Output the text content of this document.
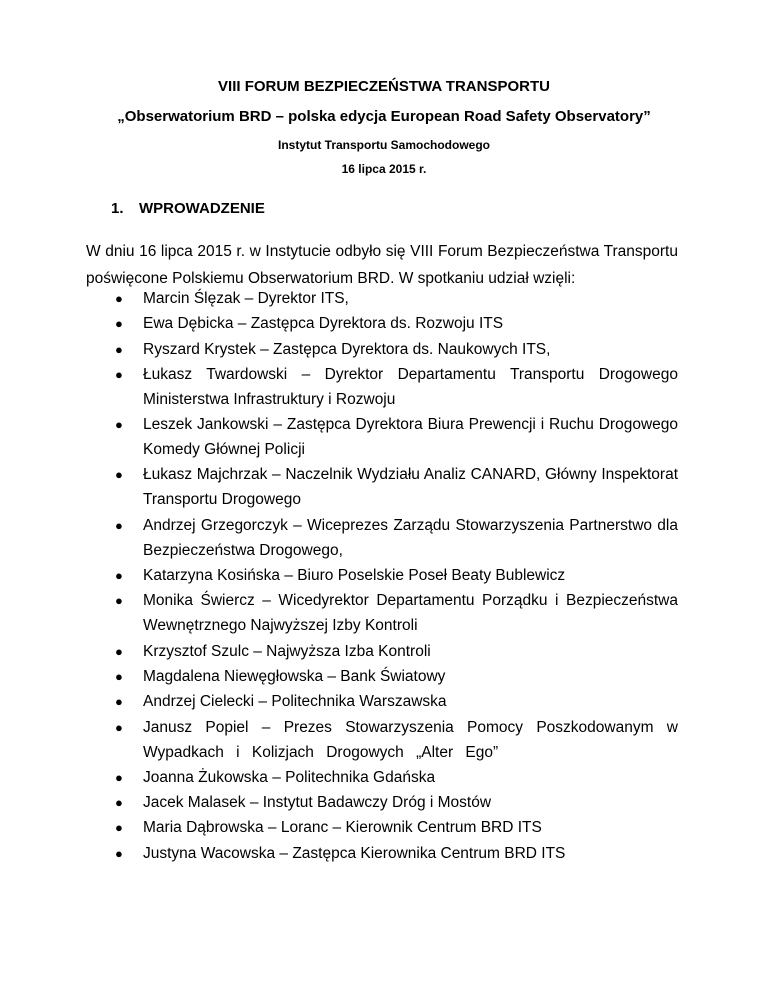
VIII FORUM BEZPIECZEŃSTWA TRANSPORTU
„Obserwatorium BRD – polska edycja European Road Safety Observatory”
Instytut Transportu Samochodowego
16 lipca 2015 r.
1. WPROWADZENIE

W dniu 16 lipca 2015 r. w Instytucie odbyło się VIII Forum Bezpieczeństwa Transportu poświęcone Polskiemu Obserwatorium BRD. W spotkaniu udział wzięli:

● Marcin Ślęzak – Dyrektor ITS,
● Ewa Dębicka – Zastępca Dyrektora ds. Rozwoju ITS
● Ryszard Krystek – Zastępca Dyrektora ds. Naukowych ITS,
● Łukasz Twardowski – Dyrektor Departamentu Transportu Drogowego Ministerstwa Infrastruktury i Rozwoju
● Leszek Jankowski – Zastępca Dyrektora Biura Prewencji i Ruchu Drogowego Komedy Głównej Policji
● Łukasz Majchrzak – Naczelnik Wydziału Analiz CANARD, Główny Inspektorat Transportu Drogowego
● Andrzej Grzegorczyk – Wiceprezes Zarządu Stowarzyszenia Partnerstwo dla Bezpieczeństwa Drogowego,
● Katarzyna Kosińska – Biuro Poselskie Poseł Beaty Bublewicz
● Monika Świercz – Wicedyrektor Departamentu Porządku i Bezpieczeństwa Wewnętrznego Najwyższej Izby Kontroli
● Krzysztof Szulc – Najwyższa Izba Kontroli
● Magdalena Niewęgłowska – Bank Światowy
● Andrzej Cielecki – Politechnika Warszawska
● Janusz Popiel – Prezes Stowarzyszenia Pomocy Poszkodowanym w Wypadkach i Kolizjach Drogowych „Alter Ego”
● Joanna Żukowska – Politechnika Gdańska
● Jacek Malasek – Instytut Badawczy Dróg i Mostów
● Maria Dąbrowska – Loranc – Kierownik Centrum BRD ITS
● Justyna Wacowska – Zastępca Kierownika Centrum BRD ITS
